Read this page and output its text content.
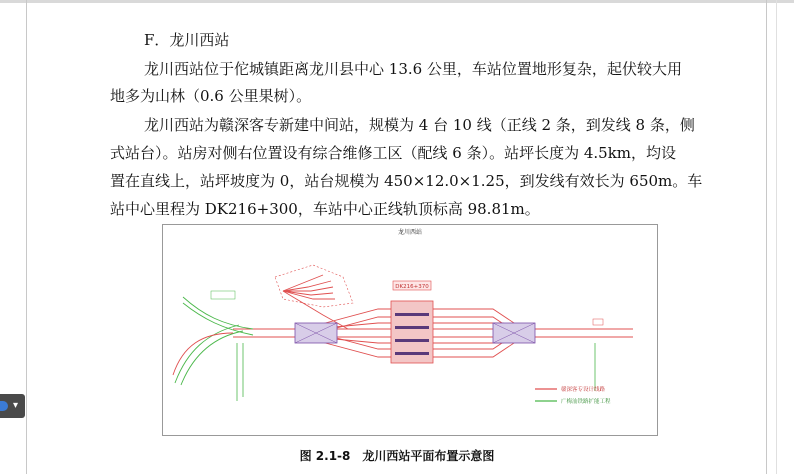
F．龙川西站
龙川西站位于佗城镇距离龙川县中心 13.6 公里，车站位置地形复杂，起伏较大用
地多为山林（0.6 公里果树）。
龙川西站为赣深客专新建中间站，规模为 4 台 10 线（正线 2 条，到发线 8 条，侧
式站台）。站房对侧右位置设有综合维修工区（配线 6 条）。站坪长度为 4.5km，均设
置在直线上，站坪坡度为 0，站台规模为 450×12.0×1.25，到发线有效长为 650m。车
站中心里程为 DK216+300，车站中心正线轨顶标高 98.81m。
龙川西站
DK216+370
赣深客专设计线路
广梅汕铁路扩能工程
图 2.1-8　龙川西站平面布置示意图
▾
